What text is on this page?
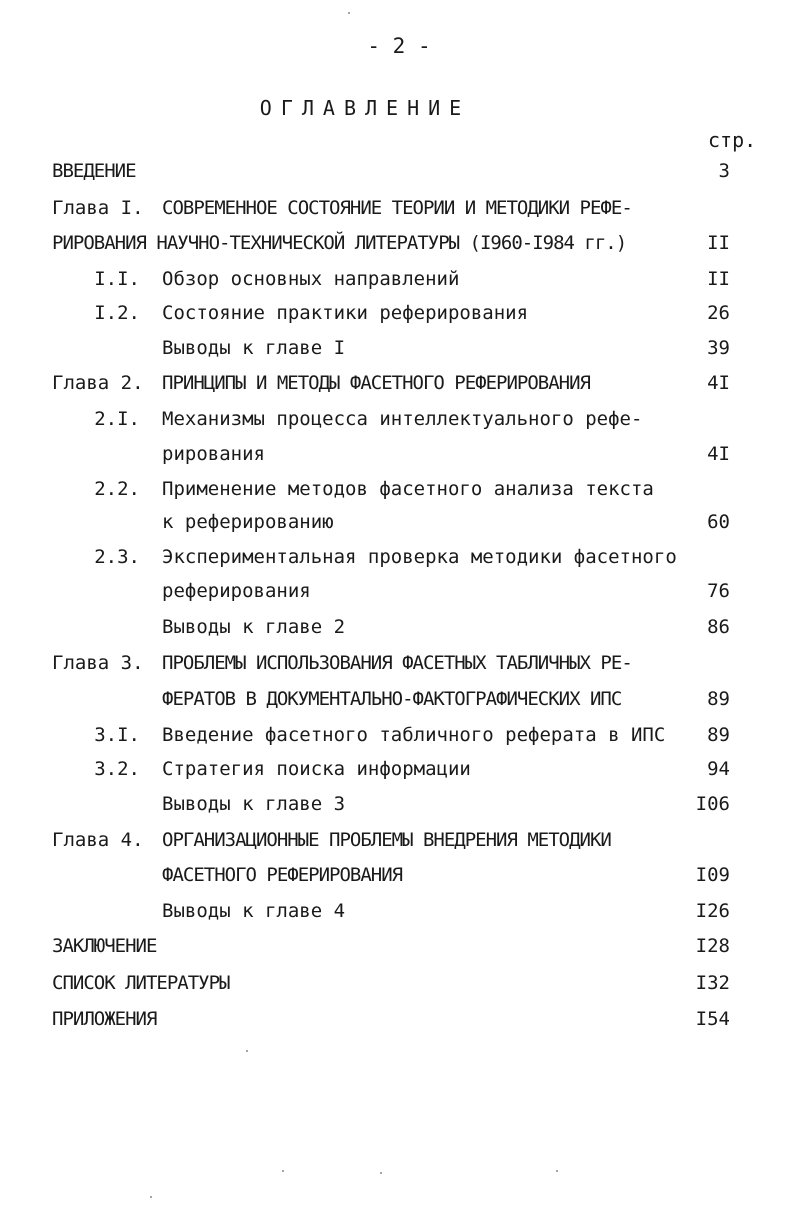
- 2 -
ОГЛАВЛЕНИЕ
стр.
ВВЕДЕНИЕ	3
Глава I. СОВРЕМЕННОЕ СОСТОЯНИЕ ТЕОРИИ И МЕТОДИКИ РЕФЕ-
РИРОВАНИЯ НАУЧНО-ТЕХНИЧЕСКОЙ ЛИТЕРАТУРЫ (I960-I984 гг.)	II
I.I. Обзор основных направлений	II
I.2. Состояние практики реферирования	26
Выводы к главе I	39
Глава 2. ПРИНЦИПЫ И МЕТОДЫ ФАСЕТНОГО РЕФЕРИРОВАНИЯ	4I
2.I. Механизмы процесса интеллектуального рефе-
рирования	4I
2.2. Применение методов фасетного анализа текста
к реферированию	60
2.3. Экспериментальная проверка методики фасетного
реферирования	76
Выводы к главе 2	86
Глава 3. ПРОБЛЕМЫ ИСПОЛЬЗОВАНИЯ ФАСЕТНЫХ ТАБЛИЧНЫХ РЕ-
ФЕРАТОВ В ДОКУМЕНТАЛЬНО-ФАКТОГРАФИЧЕСКИХ ИПС	89
3.I. Введение фасетного табличного реферата в ИПС 89
3.2. Стратегия поиска информации	94
Выводы к главе 3	I06
Глава 4. ОРГАНИЗАЦИОННЫЕ ПРОБЛЕМЫ ВНЕДРЕНИЯ МЕТОДИКИ
ФАСЕТНОГО РЕФЕРИРОВАНИЯ	I09
Выводы к главе 4	I26
ЗАКЛЮЧЕНИЕ	I28
СПИСОК ЛИТЕРАТУРЫ	I32
ПРИЛОЖЕНИЯ	I54
